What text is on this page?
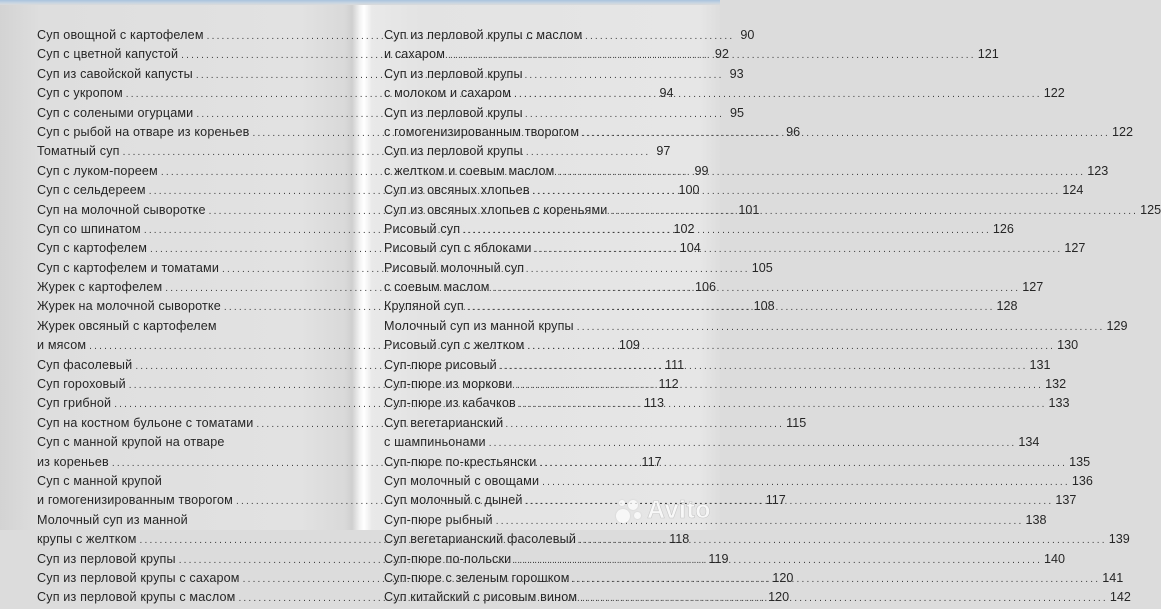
Суп овощной с картофелем .....	90
Суп с цветной капустой .....	92
Суп из савойской капусты .....	93
Суп с укропом .....	94
Суп с солеными огурцами .....	95
Суп с рыбой на отваре из кореньев .....	96
Томатный суп .....	97
Суп с луком-пореем .....	99
Суп с сельдереем .....	100
Суп на молочной сыворотке .....	101
Суп со шпинатом .....	102
Суп с картофелем .....	104
Суп с картофелем и томатами .....	105
Журек с картофелем .....	106
Журек на молочной сыворотке .....	108
Журек овсяный с картофелем
и мясом .....	109
Суп фасолевый .....	111
Суп гороховый .....	112
Суп грибной .....	113
Суп на костном бульоне с томатами .....	115
Суп с манной крупой на отваре
из кореньев .....	117
Суп с манной крупой
и гомогенизированным творогом .....	117
Молочный суп из манной
крупы с желтком .....	118
Суп из перловой крупы .....	119
Суп из перловой крупы с сахаром .....	120
Суп из перловой крупы с маслом .....	120
Суп из перловой крупы с маслом
и сахаром .....	121
Суп из перловой крупы
с молоком и сахаром .....	122
Суп из перловой крупы
с гомогенизированным творогом .....	122
Суп из перловой крупы
с желтком и соевым маслом .....	123
Суп из овсяных хлопьев .....	124
Суп из овсяных хлопьев с кореньями .....	125
Рисовый суп .....	126
Рисовый суп с яблоками .....	127
Рисовый молочный суп
с соевым маслом .....	127
Крупяной суп .....	128
Молочный суп из манной крупы .....	129
Рисовый суп с желтком .....	130
Суп-пюре рисовый .....	131
Суп-пюре из моркови .....	132
Суп-пюре из кабачков .....	133
Суп вегетарианский
с шампиньонами .....	134
Суп-пюре по-крестьянски .....	135
Суп молочный с овощами .....	136
Суп молочный с дыней .....	137
Суп-пюре рыбный .....	138
Суп вегетарианский фасолевый .....	139
Суп-пюре по-польски .....	140
Суп-пюре с зеленым горошком .....	141
Суп китайский с рисовым вином .....	142
Avito
